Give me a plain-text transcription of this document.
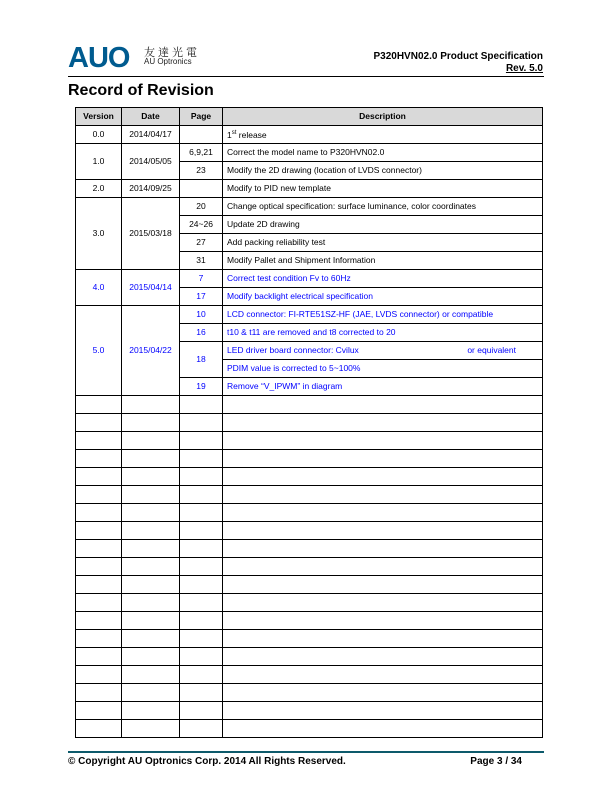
AUO 友達光電
AU Optronics	P320HVN02.0 Product Specification
Rev. 5.0
Record of Revision
Version	Date	Page	Description
0.0	2014/04/17		1st release
1.0	2014/05/05	6,9,21	Correct the model name to P320HVN02.0
		23	Modify the 2D drawing (location of LVDS connector)
2.0	2014/09/25		Modify to PID new template
3.0	2015/03/18	20	Change optical specification: surface luminance, color coordinates
		24~26	Update 2D drawing
		27	Add packing reliability test
		31	Modify Pallet and Shipment Information
4.0	2015/04/14	7	Correct test condition Fv to 60Hz
		17	Modify backlight electrical specification
5.0	2015/04/22	10	LCD connector: FI-RTE51SZ-HF (JAE, LVDS connector) or compatible
		16	t10 & t11 are removed and t8 corrected to 20
		18	LED driver board connector: Cvilux or equivalent

			PDIM value is corrected to 5~100%
		19	Remove “V_IPWM” in diagram

© Copyright AU Optronics Corp. 2014 All Rights Reserved.	Page 3 / 34
